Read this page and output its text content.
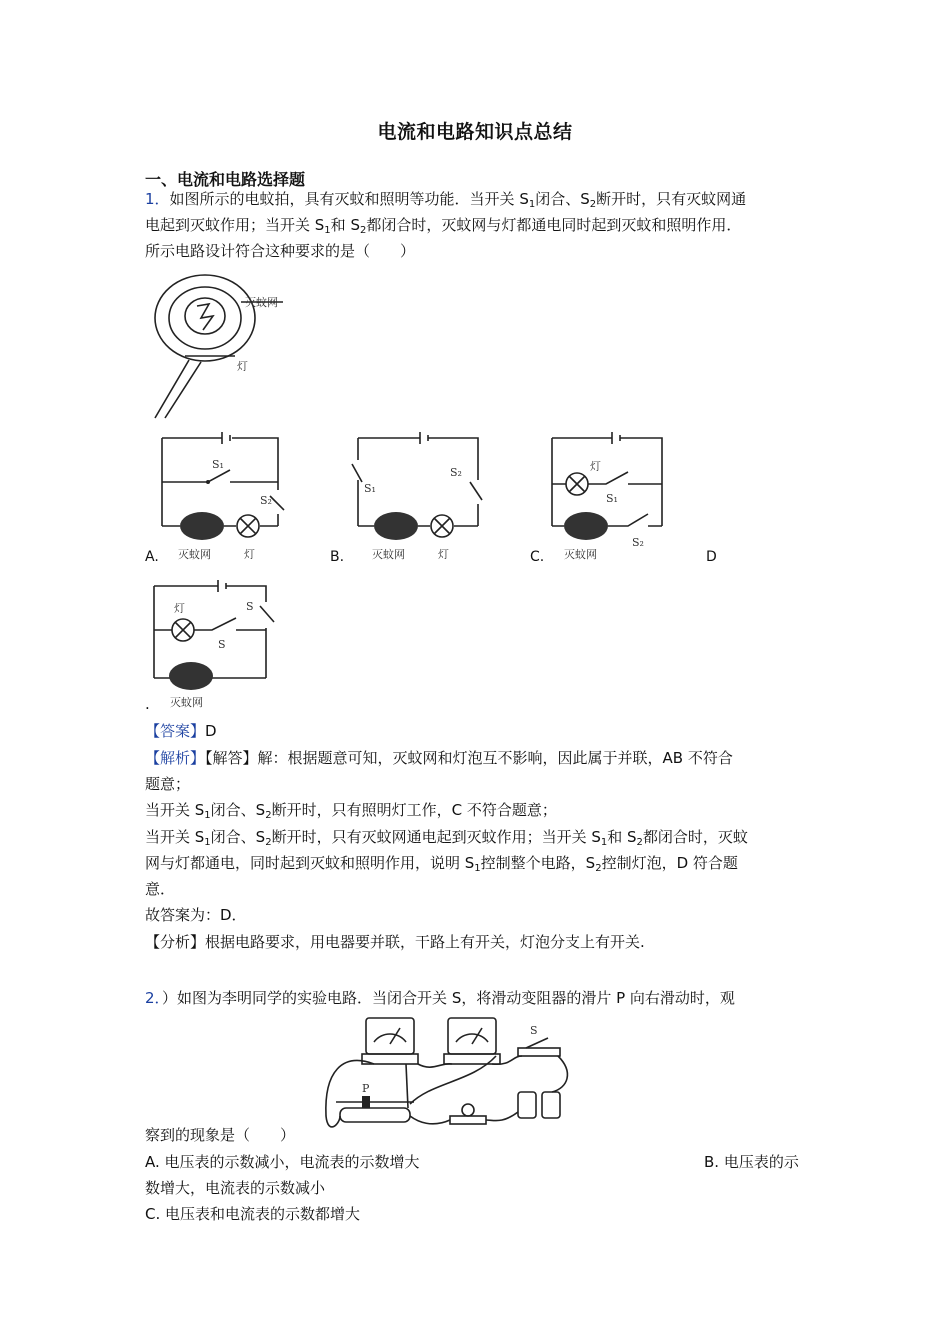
电流和电路知识点总结
一、电流和电路选择题
1．如图所示的电蚊拍，具有灭蚊和照明等功能．当开关 $S_1$闭合、$S_2$断开时，只有灭蚊网通
电起到灭蚊作用；当开关 $S_1$和 $S_2$都闭合时，灭蚊网与灯都通电同时起到灭蚊和照明作用．
所示电路设计符合这种要求的是（　　）
灭蚊网
灯
S₁
S₂
灭蚊网	灯
A.
S₁
S₂
灭蚊网	灯
B.
灯
S₁
S₂
灭蚊网
C.	D
灯	S
S
灭蚊网
.
【答案】D
【解析】【解答】解：根据题意可知，灭蚊网和灯泡互不影响，因此属于并联，AB 不符合
题意；
当开关 $S_1$闭合、$S_2$断开时，只有照明灯工作，C 不符合题意；
当开关 $S_1$闭合、$S_2$断开时，只有灭蚊网通电起到灭蚊作用；当开关 $S_1$和 $S_2$都闭合时，灭蚊
网与灯都通电，同时起到灭蚊和照明作用，说明 $S_1$控制整个电路，$S_2$控制灯泡，D 符合题
意．
故答案为：D．
【分析】根据电路要求，用电器要并联，干路上有开关，灯泡分支上有开关.
2．）如图为李明同学的实验电路．当闭合开关 S，将滑动变阻器的滑片 P 向右滑动时，观
S
P
察到的现象是（　　）
A. 电压表的示数减小，电流表的示数增大	B. 电压表的示
数增大，电流表的示数减小
C. 电压表和电流表的示数都增大
